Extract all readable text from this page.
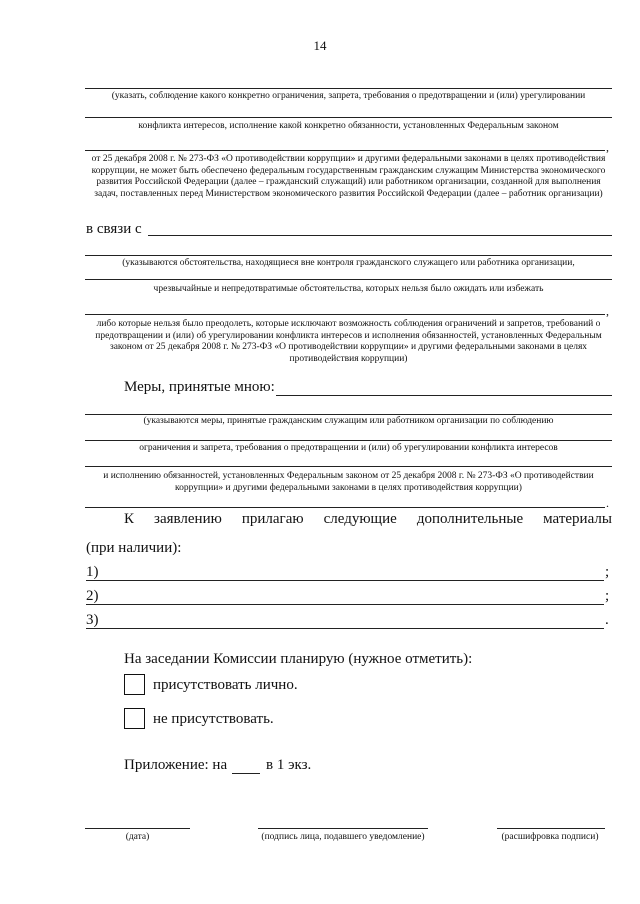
14
(указать, соблюдение какого конкретно ограничения, запрета, требования о предотвращении и (или) урегулировании
конфликта интересов, исполнение какой конкретно обязанности, установленных Федеральным законом
,
от 25 декабря 2008 г. № 273-ФЗ «О противодействии коррупции» и другими федеральными законами в целях противодействия коррупции, не может быть обеспечено федеральным государственным гражданским служащим Министерства экономического развития Российской Федерации (далее – гражданский служащий) или работником организации, созданной для выполнения задач, поставленных перед Министерством экономического развития Российской Федерации (далее – работник организации)
в связи с
(указываются обстоятельства, находящиеся вне контроля гражданского служащего или работника организации,
чрезвычайные и непредотвратимые обстоятельства, которых нельзя было ожидать или избежать
,
либо которые нельзя было преодолеть, которые исключают возможность соблюдения ограничений и запретов, требований о предотвращении и (или) об урегулировании конфликта интересов и исполнения обязанностей, установленных Федеральным законом от 25 декабря 2008 г. № 273-ФЗ «О противодействии коррупции» и другими федеральными законами в целях противодействия коррупции)
Меры, принятые мною:
(указываются меры, принятые гражданским служащим или работником организации по соблюдению
ограничения и запрета, требования о предотвращении и (или) об урегулировании конфликта интересов
и исполнению обязанностей, установленных Федеральным законом от 25 декабря 2008 г. № 273-ФЗ «О противодействии коррупции» и другими федеральными законами в целях противодействия коррупции)
.
К заявлению прилагаю следующие дополнительные материалы
(при наличии):
1)	;
2)	;
3)	.
На заседании Комиссии планирую (нужное отметить):
присутствовать лично.
не присутствовать.
Приложение: на	в 1 экз.
(дата)	(подпись лица, подавшего уведомление)	(расшифровка подписи)
